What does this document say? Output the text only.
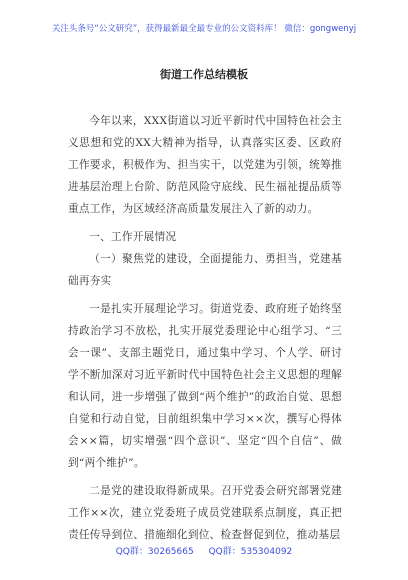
关注头条号“公文研究”，获得最新最全最专业的公文资料库！ 微信：gongwenyj
街道工作总结模板

今年以来，XXX街道以习近平新时代中国特色社会主义思想和党的XX大精神为指导，认真落实区委、区政府工作要求，积极作为、担当实干，以党建为引领，统筹推进基层治理上台阶、防范风险守底线、民生福祉提品质等重点工作，为区域经济高质量发展注入了新的动力。

一、工作开展情况

（一）聚焦党的建设，全面提能力、勇担当，党建基础再夯实

一是扎实开展理论学习。街道党委、政府班子始终坚持政治学习不放松，扎实开展党委理论中心组学习、“三会一课”、支部主题党日，通过集中学习、个人学、研讨学不断加深对习近平新时代中国特色社会主义思想的理解和认同，进一步增强了做到“两个维护”的政治自觉、思想自觉和行动自觉，目前组织集中学习××次，撰写心得体会××篇，切实增强“四个意识”、坚定“四个自信”、做到“两个维护”。

二是党的建设取得新成果。召开党委会研究部署党建工作××次，建立党委班子成员党建联系点制度，真正把责任传导到位、措施细化到位、检查督促到位，推动基层

QQ群：30265665 QQ群：535304092
